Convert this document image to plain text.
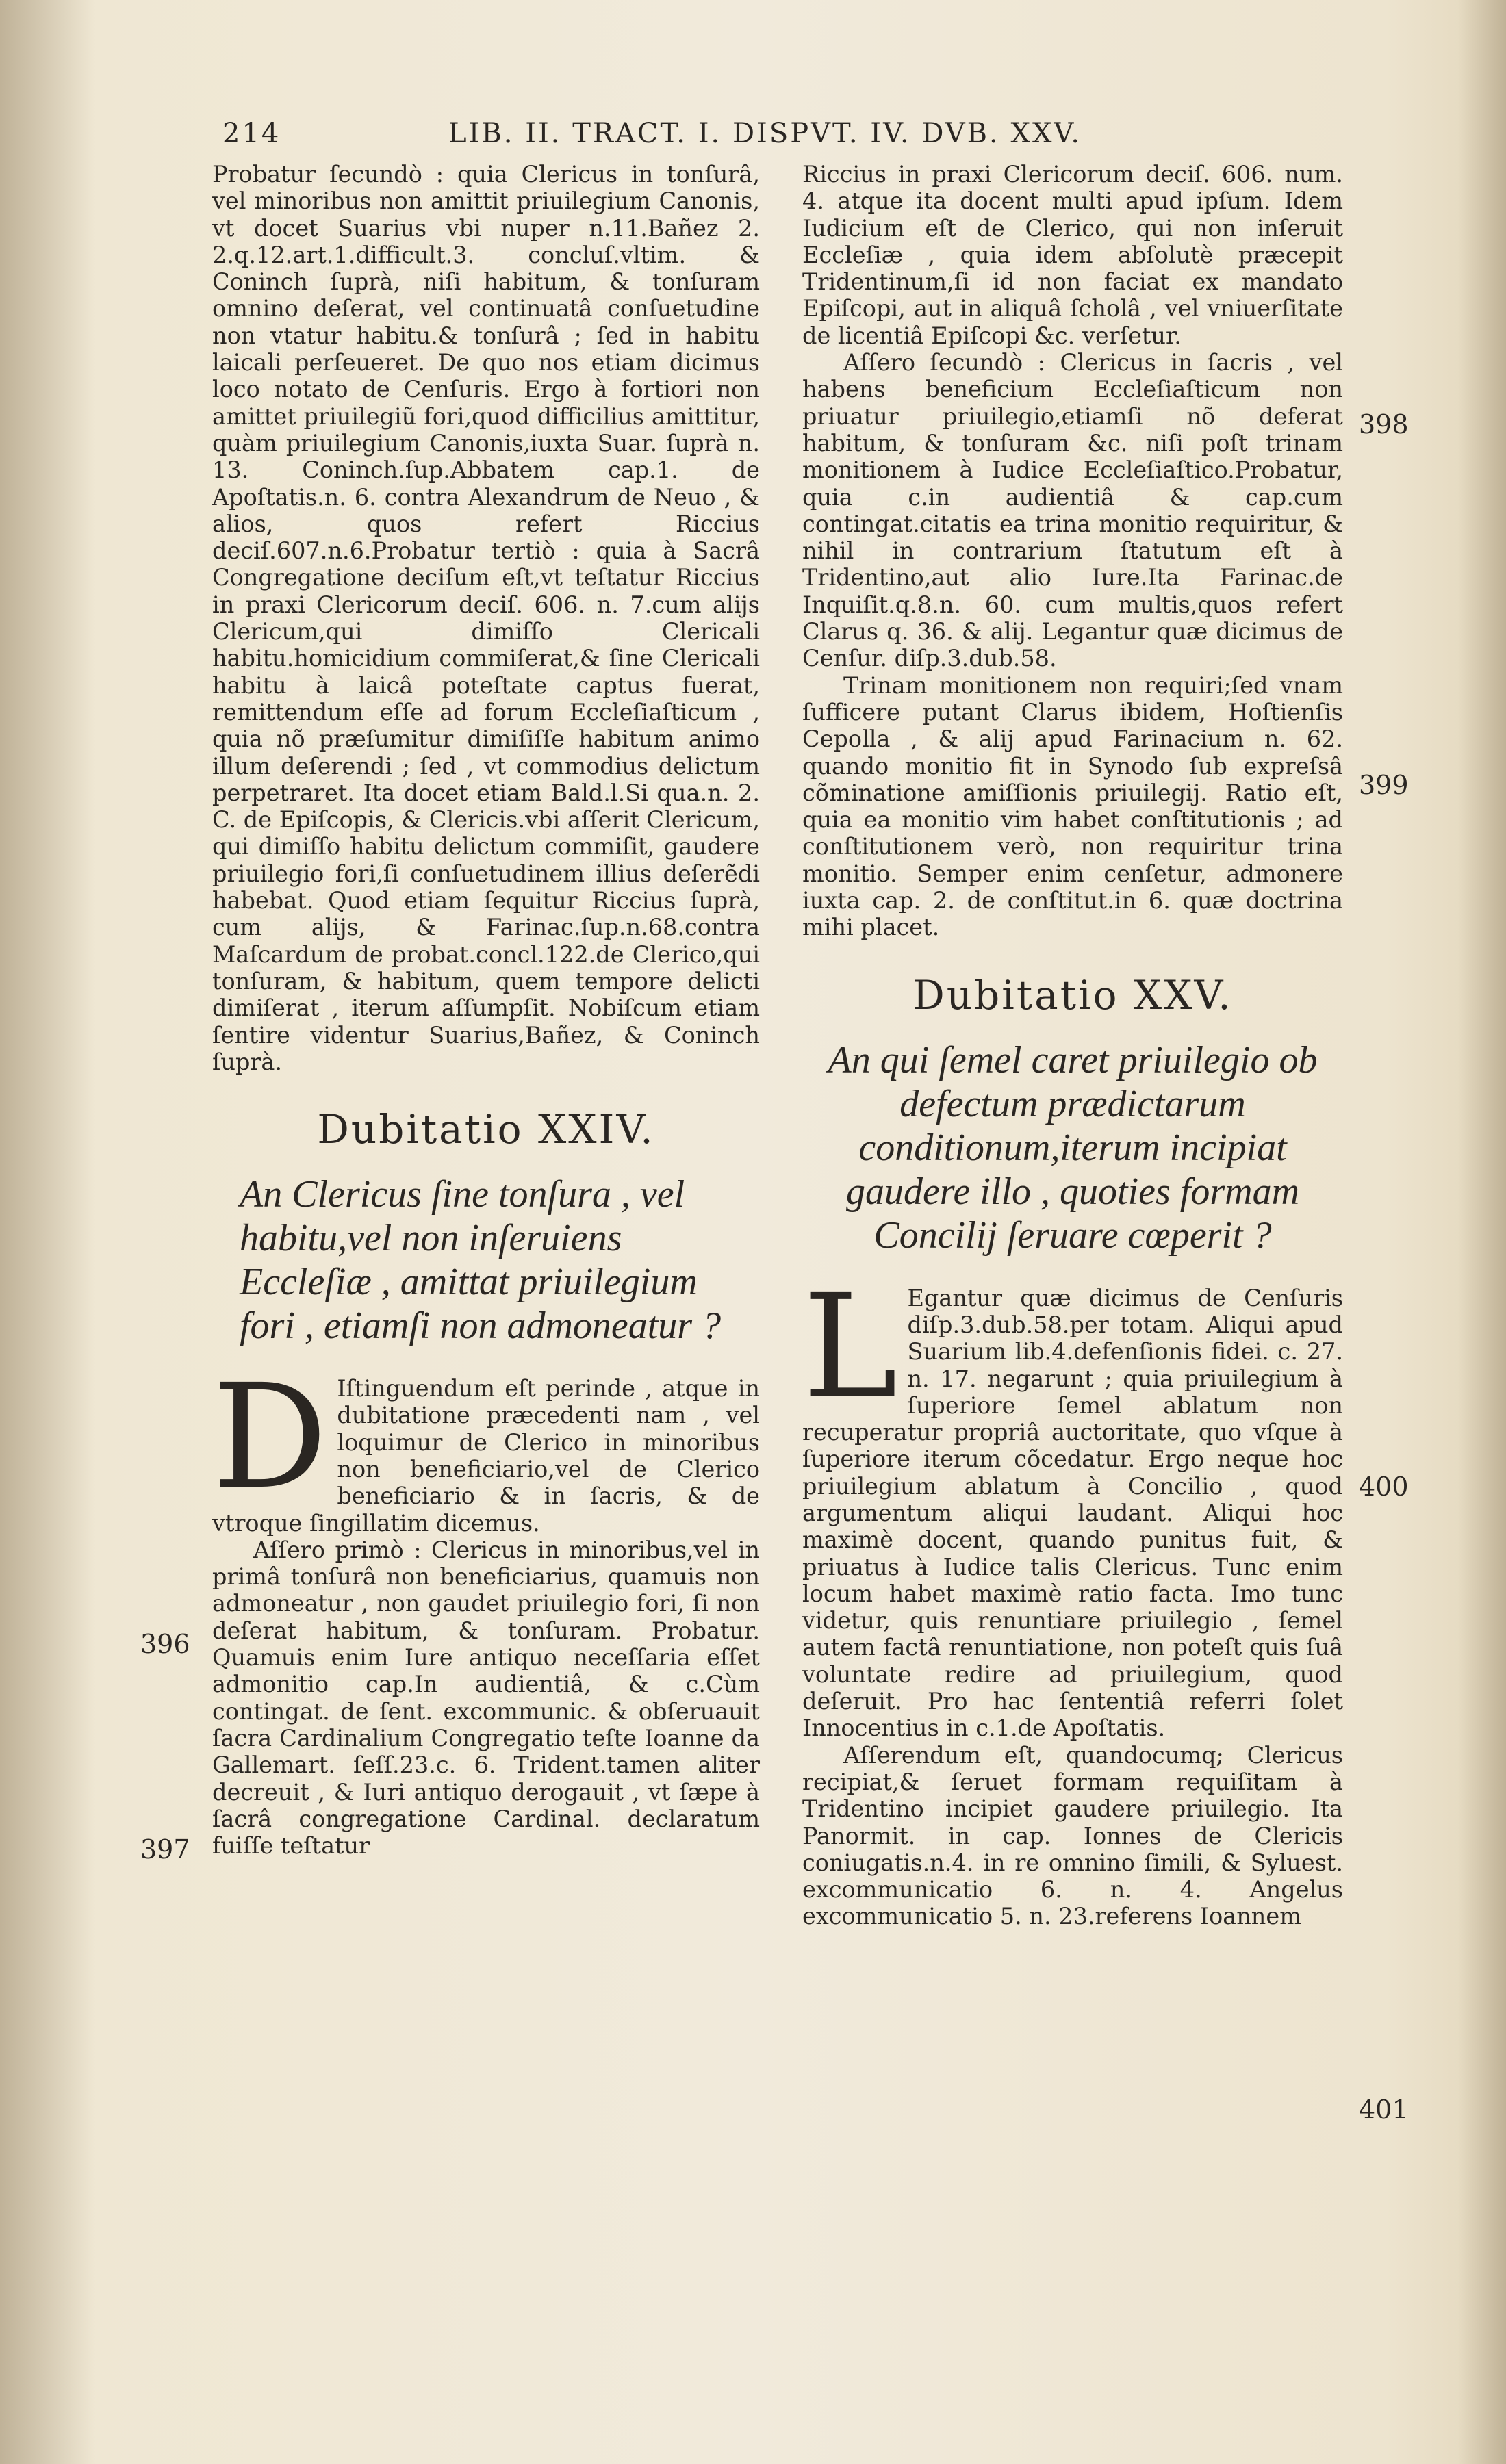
214	LIB. II. TRACT. I. DISPVT. IV. DVB. XXV.

Probatur ſecundò : quia Clericus in tonſurâ, vel minoribus non amittit priuilegium Canonis, vt docet Suarius vbi nuper n.11.Bañez 2. 2.q.12.art.1.difficult.3. concluſ.vltim. & Coninch ſuprà, niſi habitum, & tonſuram omnino deſerat, vel continuatâ conſuetudine non vtatur habitu.& tonſurâ ; ſed in habitu laicali perſeueret. De quo nos etiam dicimus loco notato de Cenſuris. Ergo à fortiori non amittet priuilegiũ fori,quod difficilius amittitur, quàm priuilegium Canonis,iuxta Suar. ſuprà n. 13. Coninch.ſup.Abbatem cap.1. de Apoſtatis.n. 6. contra Alexandrum de Neuo , & alios, quos refert Riccius deciſ.607.n.6.Probatur tertiò : quia à Sacrâ Congregatione deciſum eſt,vt teſtatur Riccius in praxi Clericorum deciſ. 606. n. 7.cum alijs Clericum,qui dimiſſo Clericali habitu.homicidium commiſerat,& ſine Clericali habitu à laicâ poteſtate captus fuerat, remittendum eſſe ad forum Eccleſiaſticum , quia nõ præſumitur dimiſiſſe habitum animo illum deſerendi ; ſed , vt commodius delictum perpetraret. Ita docet etiam Bald.l.Si qua.n. 2. C. de Epiſcopis, & Clericis.vbi aſſerit Clericum, qui dimiſſo habitu delictum commiſit, gaudere priuilegio fori,ſi conſuetudinem illius deſerẽdi habebat. Quod etiam ſequitur Riccius ſuprà, cum alijs, & Farinac.ſup.n.68.contra Maſcardum de probat.concl.122.de Clerico,qui tonſuram, & habitum, quem tempore delicti dimiſerat , iterum aſſumpſit. Nobiſcum etiam ſentire videntur Suarius,Bañez, & Coninch ſuprà.

Dubitatio XXIV.
An Clericus ſine tonſura , vel habitu,vel non inſeruiens Eccleſiæ , amittat priuilegium fori , etiamſi non admoneatur ?
D Iſtinguendum eſt perinde , atque in dubitatione præcedenti nam , vel loquimur de Clerico in minoribus non beneficiario,vel de Clerico beneficiario & in ſacris, & de vtroque ſingillatim dicemus.

Aſſero primò : Clericus in minoribus,vel in primâ tonſurâ non beneficiarius, quamuis non admoneatur , non gaudet priuilegio fori, ſi non deſerat habitum, & tonſuram. Probatur. Quamuis enim Iure antiquo neceſſaria eſſet admonitio cap.In audientiâ, & c.Cùm contingat. de ſent. excommunic. & obſeruauit ſacra Cardinalium Congregatio teſte Ioanne da Gallemart. ſeſſ.23.c. 6. Trident.tamen aliter decreuit , & Iuri antiquo derogauit , vt ſæpe à ſacrâ congregatione Cardinal. declaratum fuiſſe teſtatur

Riccius in praxi Clericorum deciſ. 606. num. 4. atque ita docent multi apud ipſum. Idem Iudicium eſt de Clerico, qui non inſeruit Eccleſiæ , quia idem abſolutè præcepit Tridentinum,ſi id non faciat ex mandato Epiſcopi, aut in aliquâ ſcholâ , vel vniuerſitate de licentiâ Epiſcopi &c. verſetur.

Aſſero ſecundò : Clericus in ſacris , vel habens beneficium Eccleſiaſticum non priuatur priuilegio,etiamſi nõ deferat habitum, & tonſuram &c. niſi poſt trinam monitionem à Iudice Eccleſiaſtico.Probatur, quia c.in audientiâ & cap.cum contingat.citatis ea trina monitio requiritur, & nihil in contrarium ſtatutum eſt à Tridentino,aut alio Iure.Ita Farinac.de Inquiſit.q.8.n. 60. cum multis,quos refert Clarus q. 36. & alij. Legantur quæ dicimus de Cenſur. diſp.3.dub.58.

Trinam monitionem non requiri;ſed vnam ſufficere putant Clarus ibidem, Hoſtienſis Cepolla , & alij apud Farinacium n. 62. quando monitio fit in Synodo ſub expreſsâ cõminatione amiſſionis priuilegij. Ratio eſt, quia ea monitio vim habet conſtitutionis ; ad conſtitutionem verò, non requiritur trina monitio. Semper enim cenſetur, admonere iuxta cap. 2. de conſtitut.in 6. quæ doctrina mihi placet.

Dubitatio XXV.
An qui ſemel caret priuilegio ob defectum prædictarum conditionum,iterum incipiat gaudere illo , quoties formam Concilij ſeruare cœperit ?
L Egantur quæ dicimus de Cenſuris diſp.3.dub.58.per totam. Aliqui apud Suarium lib.4.defenſionis fidei. c. 27. n. 17. negarunt ; quia priuilegium à ſuperiore ſemel ablatum non recuperatur propriâ auctoritate, quo vſque à ſuperiore iterum cõcedatur. Ergo neque hoc priuilegium ablatum à Concilio , quod argumentum aliqui laudant. Aliqui hoc maximè docent, quando punitus fuit, & priuatus à Iudice talis Clericus. Tunc enim locum habet maximè ratio facta. Imo tunc videtur, quis renuntiare priuilegio , ſemel autem factâ renuntiatione, non poteſt quis ſuâ voluntate redire ad priuilegium, quod deſeruit. Pro hac ſententiâ referri ſolet Innocentius in c.1.de Apoſtatis.

Aſſerendum eſt, quandocumq; Clericus recipiat,& ſeruet formam requiſitam à Tridentino incipiet gaudere priuilegio. Ita Panormit. in cap. Ionnes de Clericis coniugatis.n.4. in re omnino ſimili, & Syluest. excommunicatio 6. n. 4. Angelus excommunicatio 5. n. 23.referens Ioannem

396
397
398
399
400
401
